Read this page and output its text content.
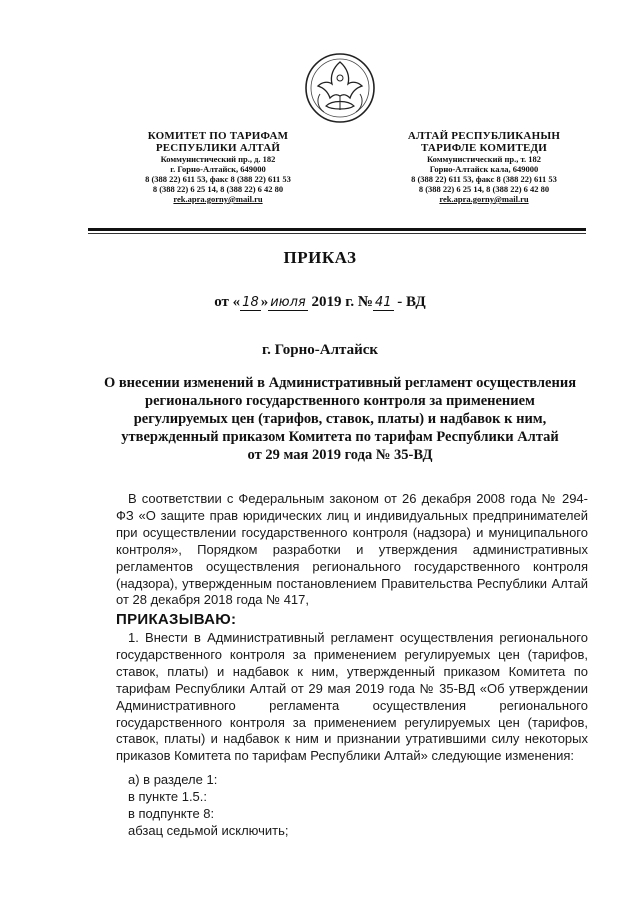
КОМИТЕТ ПО ТАРИФАМ
РЕСПУБЛИКИ АЛТАЙ
Коммунистический пр., д. 182
г. Горно-Алтайск, 649000
8 (388 22) 611 53, факс 8 (388 22) 611 53
8 (388 22) 6 25 14, 8 (388 22) 6 42 80
rek.apra.gorny@mail.ru
АЛТАЙ РЕСПУБЛИКАНЫН
ТАРИФЛЕ КОМИТЕДИ
Коммунистический пр., т. 182
Горно-Алтайск кала, 649000
8 (388 22) 611 53, факс 8 (388 22) 611 53
8 (388 22) 6 25 14, 8 (388 22) 6 42 80
rek.apra.gorny@mail.ru
ПРИКАЗ
от « 18 » июля 2019 г. № 41 - ВД
г. Горно-Алтайск
О внесении изменений в Административный регламент осуществления
регионального государственного контроля за применением
регулируемых цен (тарифов, ставок, платы) и надбавок к ним,
утвержденный приказом Комитета по тарифам Республики Алтай
от 29 мая 2019 года № 35-ВД
В соответствии с Федеральным законом от 26 декабря 2008 года № 294-
ФЗ «О защите прав юридических лиц и индивидуальных предпринимателей
при осуществлении государственного контроля (надзора) и муниципального
контроля», Порядком разработки и утверждения административных
регламентов осуществления регионального государственного контроля
(надзора), утвержденным постановлением Правительства Республики Алтай
от 28 декабря 2018 года № 417,
ПРИКАЗЫВАЮ:
1. Внести в Административный регламент осуществления регионального
государственного контроля за применением регулируемых цен (тарифов,
ставок, платы) и надбавок к ним, утвержденный приказом Комитета по
тарифам Республики Алтай от 29 мая 2019 года № 35-ВД «Об утверждении
Административного регламента осуществления регионального
государственного контроля за применением регулируемых цен (тарифов,
ставок, платы) и надбавок к ним и признании утратившими силу некоторых
приказов Комитета по тарифам Республики Алтай» следующие изменения:
а) в разделе 1:
в пункте 1.5.:
в подпункте 8:
абзац седьмой исключить;
